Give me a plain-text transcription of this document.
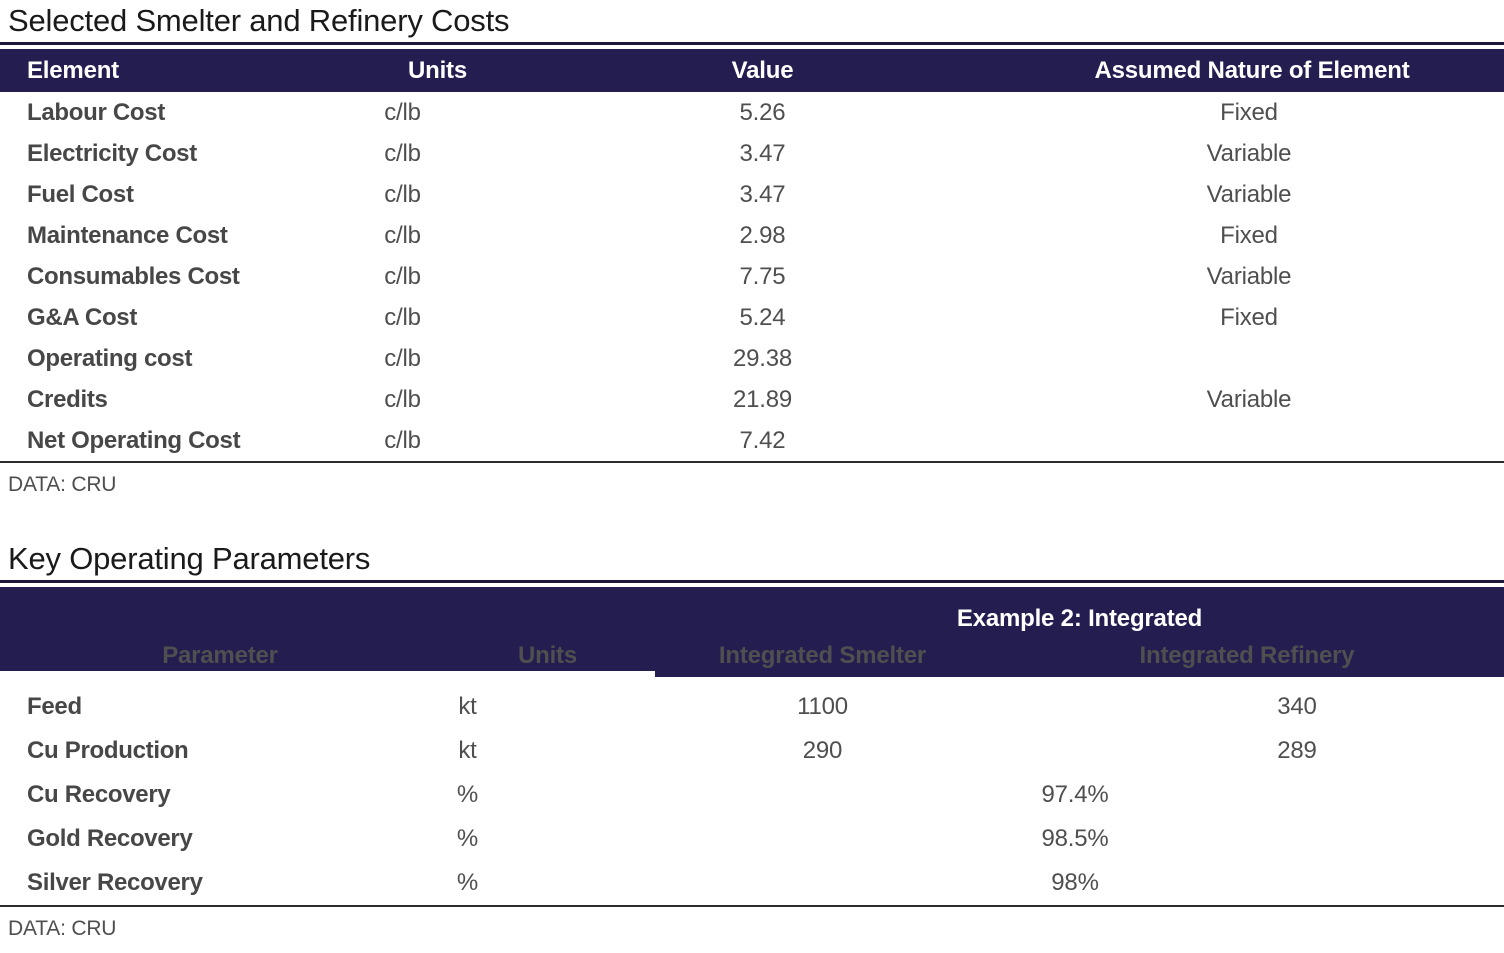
Selected Smelter and Refinery Costs
Element	Units	Value	Assumed Nature of Element
Labour Cost	c/lb	5.26	Fixed
Electricity Cost	c/lb	3.47	Variable
Fuel Cost	c/lb	3.47	Variable
Maintenance Cost	c/lb	2.98	Fixed
Consumables Cost	c/lb	7.75	Variable
G&A Cost	c/lb	5.24	Fixed
Operating cost	c/lb	29.38
Credits	c/lb	21.89	Variable
Net Operating Cost	c/lb	7.42
DATA: CRU
Key Operating Parameters
Example 2: Integrated
Parameter	Units	Integrated Smelter	Integrated Refinery
Feed	kt	1100	340
Cu Production	kt	290	289
Cu Recovery	%	97.4%
Gold Recovery	%	98.5%
Silver Recovery	%	98%
DATA: CRU
